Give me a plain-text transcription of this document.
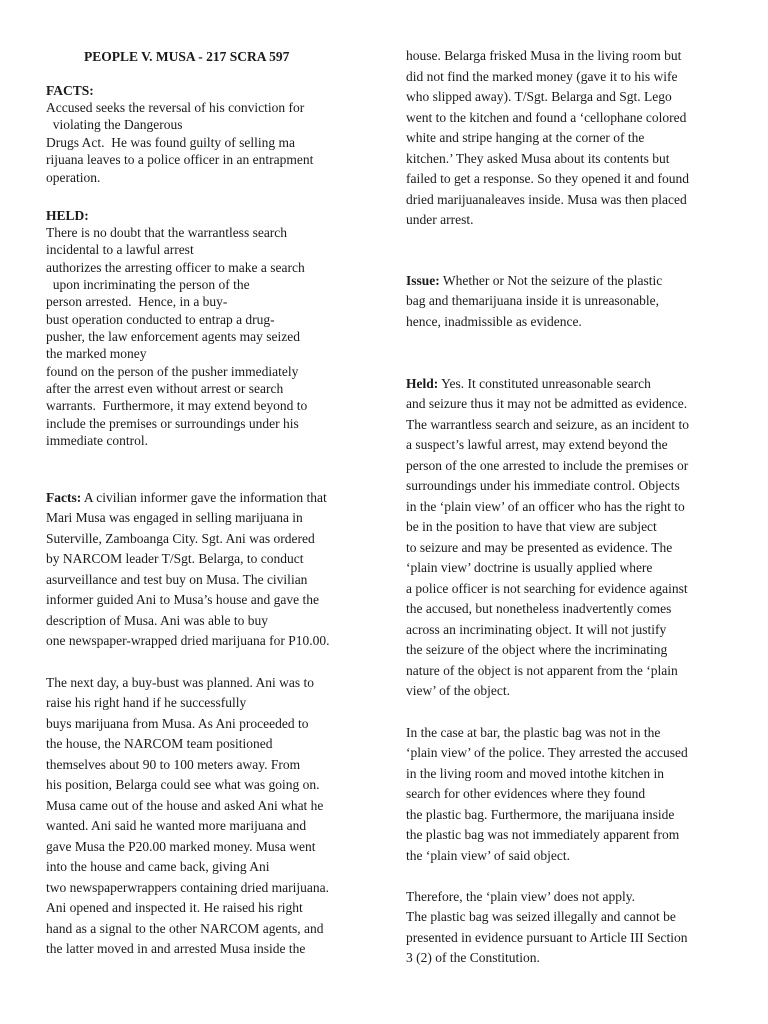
PEOPLE V. MUSA - 217 SCRA 597
FACTS:
Accused seeks the reversal of his conviction for
violating the Dangerous
Drugs Act.  He was found guilty of selling ma
rijuana leaves to a police officer in an entrapment
operation.
HELD:
There is no doubt that the warrantless search
incidental to a lawful arrest
authorizes the arresting officer to make a search
upon incriminating the person of the
person arrested.  Hence, in a buy-
bust operation conducted to entrap a drug-
pusher, the law enforcement agents may seized
the marked money
found on the person of the pusher immediately
after the arrest even without arrest or search
warrants.  Furthermore, it may extend beyond to
include the premises or surroundings under his
immediate control.
Facts: A civilian informer gave the information that
Mari Musa was engaged in selling marijuana in
Suterville, Zamboanga City. Sgt. Ani was ordered
by NARCOM leader T/Sgt. Belarga, to conduct
asurveillance and test buy on Musa. The civilian
informer guided Ani to Musa’s house and gave the
description of Musa. Ani was able to buy
one newspaper-wrapped dried marijuana for P10.00.
The next day, a buy-bust was planned. Ani was to
raise his right hand if he successfully
buys marijuana from Musa. As Ani proceeded to
the house, the NARCOM team positioned
themselves about 90 to 100 meters away. From
his position, Belarga could see what was going on.
Musa came out of the house and asked Ani what he
wanted. Ani said he wanted more marijuana and
gave Musa the P20.00 marked money. Musa went
into the house and came back, giving Ani
two newspaperwrappers containing dried marijuana.
Ani opened and inspected it. He raised his right
hand as a signal to the other NARCOM agents, and
the latter moved in and arrested Musa inside the
house. Belarga frisked Musa in the living room but
did not find the marked money (gave it to his wife
who slipped away). T/Sgt. Belarga and Sgt. Lego
went to the kitchen and found a ‘cellophane colored
white and stripe hanging at the corner of the
kitchen.’ They asked Musa about its contents but
failed to get a response. So they opened it and found
dried marijuanaleaves inside. Musa was then placed
under arrest.
Issue: Whether or Not the seizure of the plastic
bag and themarijuana inside it is unreasonable,
hence, inadmissible as evidence.
Held: Yes. It constituted unreasonable search
and seizure thus it may not be admitted as evidence.
The warrantless search and seizure, as an incident to
a suspect’s lawful arrest, may extend beyond the
person of the one arrested to include the premises or
surroundings under his immediate control. Objects
in the ‘plain view’ of an officer who has the right to
be in the position to have that view are subject
to seizure and may be presented as evidence. The
‘plain view’ doctrine is usually applied where
a police officer is not searching for evidence against
the accused, but nonetheless inadvertently comes
across an incriminating object. It will not justify
the seizure of the object where the incriminating
nature of the object is not apparent from the ‘plain
view’ of the object.
In the case at bar, the plastic bag was not in the
‘plain view’ of the police. They arrested the accused
in the living room and moved intothe kitchen in
search for other evidences where they found
the plastic bag. Furthermore, the marijuana inside
the plastic bag was not immediately apparent from
the ‘plain view’ of said object.
Therefore, the ‘plain view’ does not apply.
The plastic bag was seized illegally and cannot be
presented in evidence pursuant to Article III Section
3 (2) of the Constitution.
